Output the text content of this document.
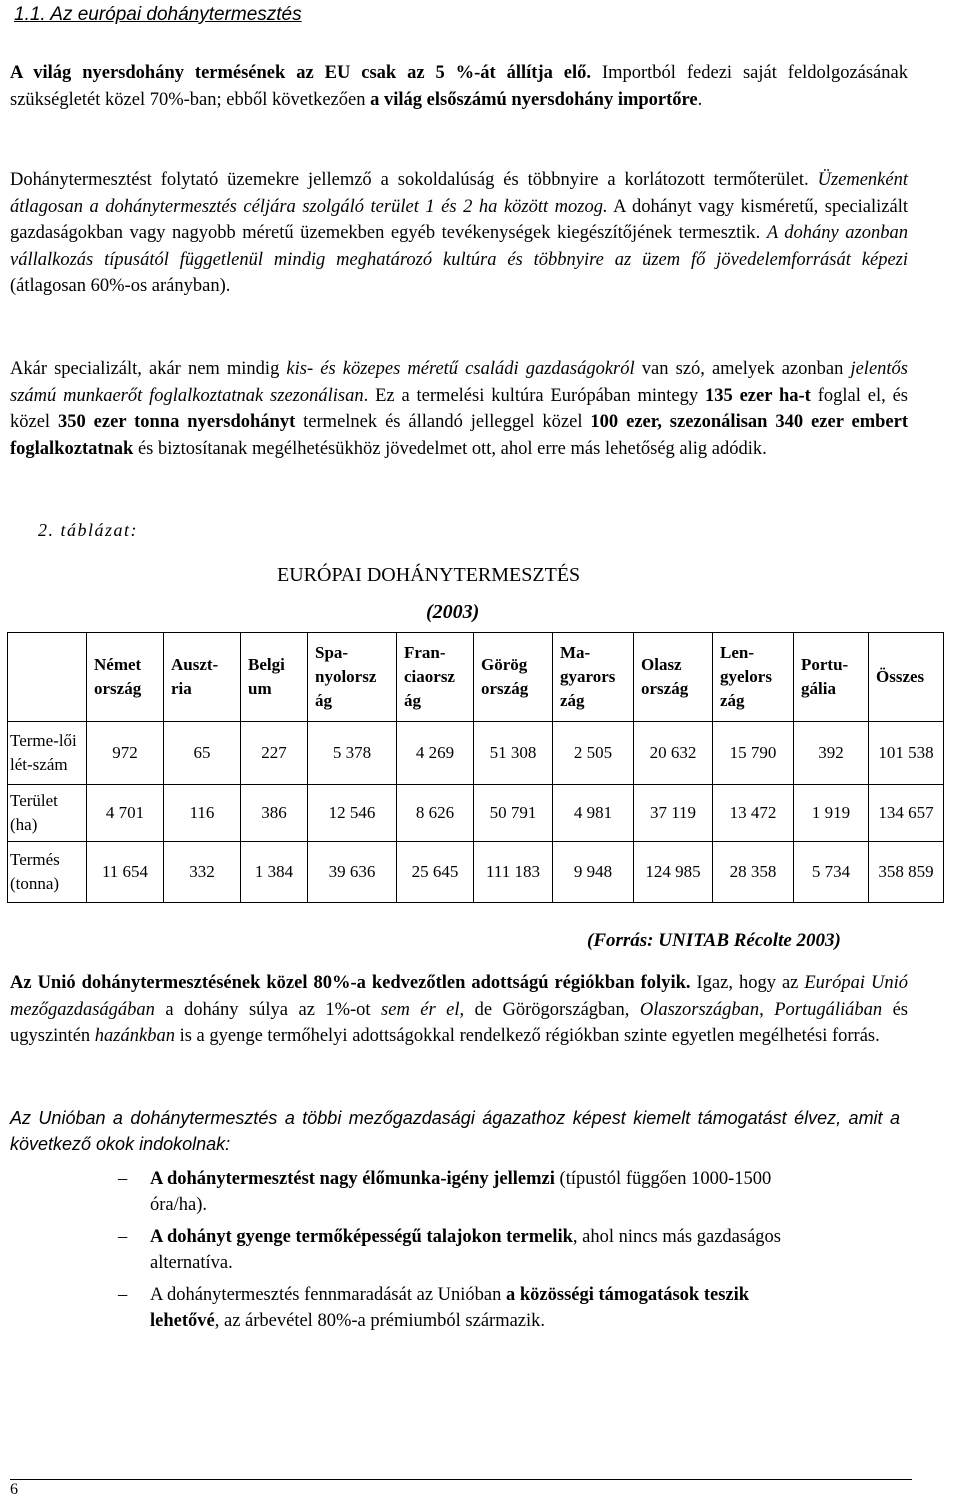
1.1. Az európai dohánytermesztés
A világ nyersdohány termésének az EU csak az 5 %-át állítja elő. Importból fedezi saját feldolgozásának szükségletét közel 70%-ban; ebből következően a világ elsőszámú nyersdohány importőre.
Dohánytermesztést folytató üzemekre jellemző a sokoldalúság és többnyire a korlátozott termőterület. Üzemenként átlagosan a dohánytermesztés céljára szolgáló terület 1 és 2 ha között mozog. A dohányt vagy kisméretű, specializált gazdaságokban vagy nagyobb méretű üzemekben egyéb tevékenységek kiegészítőjének termesztik. A dohány azonban vállalkozás típusától függetlenül mindig meghatározó kultúra és többnyire az üzem fő jövedelemforrását képezi (átlagosan 60%-os arányban).
Akár specializált, akár nem mindig kis- és közepes méretű családi gazdaságokról van szó, amelyek azonban jelentős számú munkaerőt foglalkoztatnak szezonálisan. Ez a termelési kultúra Európában mintegy 135 ezer ha-t foglal el, és közel 350 ezer tonna nyersdohányt termelnek és állandó jelleggel közel 100 ezer, szezonálisan 340 ezer embert foglalkoztatnak és biztosítanak megélhetésükhöz jövedelmet ott, ahol erre más lehetőség alig adódik.
2. táblázat:
EURÓPAI DOHÁNYTERMESZTÉS
(2003)
	Német ország	Auszt-ria	Belgi um	Spa-nyolorsz ág	Fran-ciaorsz ág	Görög ország	Ma-gyarors zág	Olasz ország	Len-gyelors zág	Portu-gália	Összes
Terme-lői lét-szám	972	65	227	5 378	4 269	51 308	2 505	20 632	15 790	392	101 538
Terület (ha)	4 701	116	386	12 546	8 626	50 791	4 981	37 119	13 472	1 919	134 657
Termés (tonna)	11 654	332	1 384	39 636	25 645	111 183	9 948	124 985	28 358	5 734	358 859
(Forrás: UNITAB Récolte 2003)
Az Unió dohánytermesztésének közel 80%-a kedvezőtlen adottságú régiókban folyik. Igaz, hogy az Európai Unió mezőgazdaságában a dohány súlya az 1%-ot sem ér el, de Görögországban, Olaszországban, Portugáliában és ugyszintén hazánkban is a gyenge termőhelyi adottságokkal rendelkező régiókban szinte egyetlen megélhetési forrás.
Az Unióban a dohánytermesztés a többi mezőgazdasági ágazathoz képest kiemelt támogatást élvez, amit a következő okok indokolnak:
– A dohánytermesztést nagy élőmunka-igény jellemzi (típustól függően 1000-1500 óra/ha).
– A dohányt gyenge termőképességű talajokon termelik, ahol nincs más gazdaságos alternatíva.
– A dohánytermesztés fennmaradását az Unióban a közösségi támogatások teszik lehetővé, az árbevétel 80%-a prémiumból származik.
6
